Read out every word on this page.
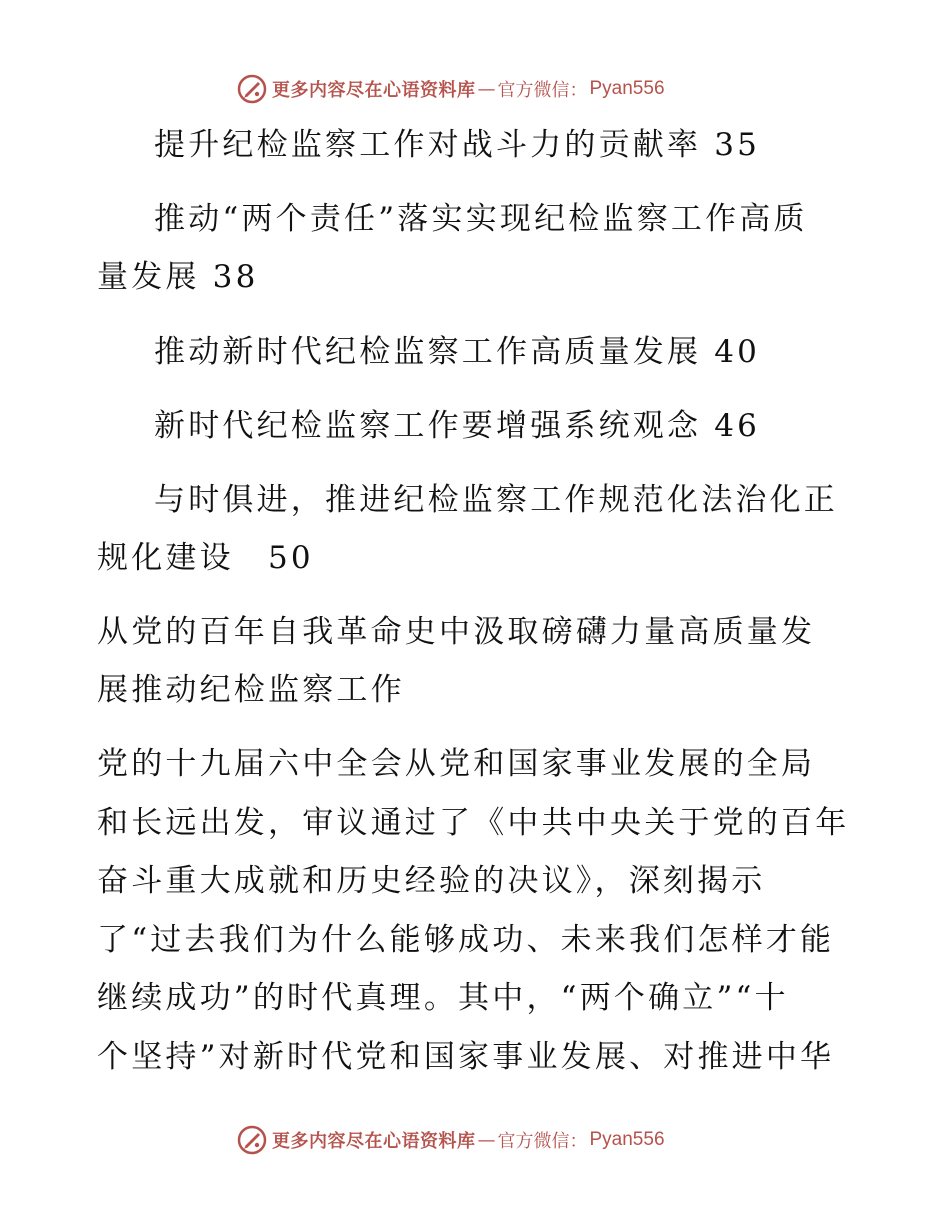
更多内容尽在心语资料库 — 官方微信： Pyan556
提升纪检监察工作对战斗力的贡献率 35
推动“两个责任”落实实现纪检监察工作高质
量发展 38
推动新时代纪检监察工作高质量发展 40
新时代纪检监察工作要增强系统观念 46
与时俱进，推进纪检监察工作规范化法治化正
规化建设　50
从党的百年自我革命史中汲取磅礴力量高质量发
展推动纪检监察工作
党的十九届六中全会从党和国家事业发展的全局
和长远出发，审议通过了《中共中央关于党的百年
奋斗重大成就和历史经验的决议》，深刻揭示
了“过去我们为什么能够成功、未来我们怎样才能
继续成功”的时代真理。其中，“两个确立”“十
个坚持”对新时代党和国家事业发展、对推进中华
更多内容尽在心语资料库 — 官方微信： Pyan556
